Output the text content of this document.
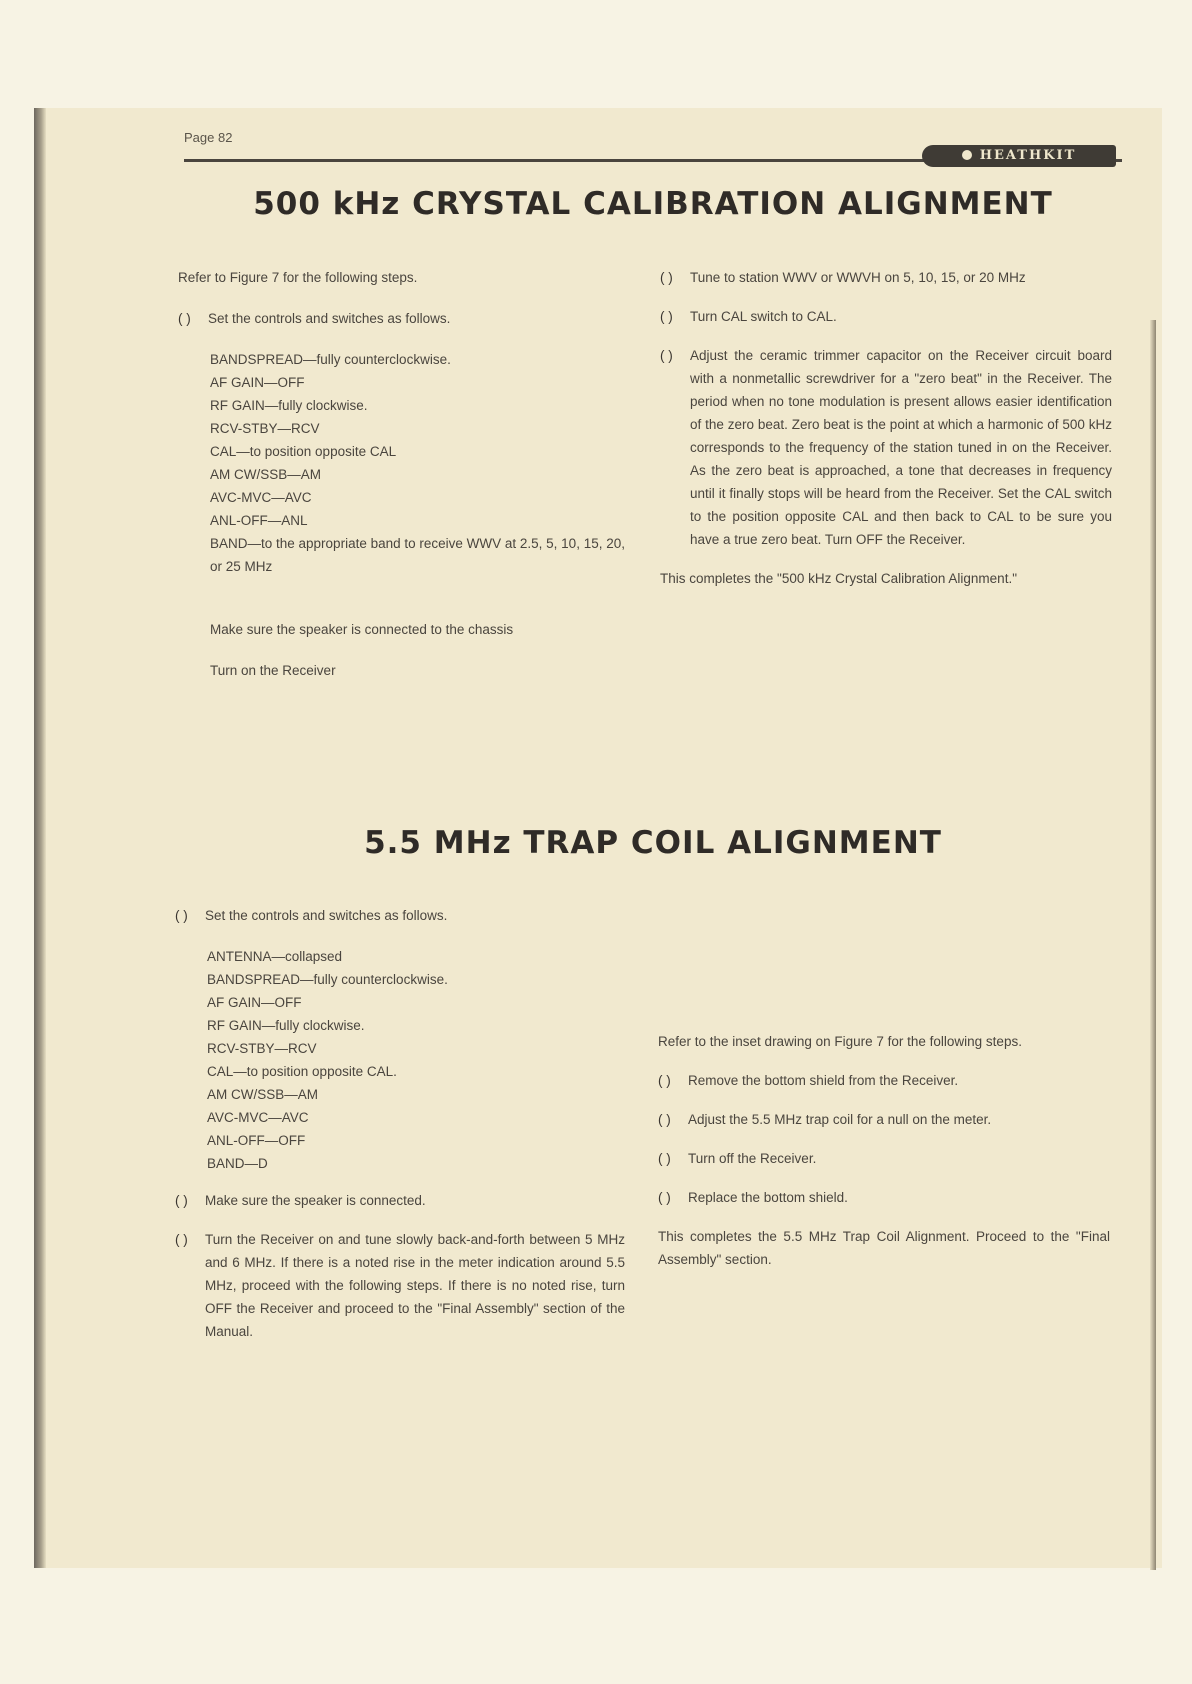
Page 82
HEATHKIT
500 kHz CRYSTAL CALIBRATION ALIGNMENT

Refer to Figure 7 for the following steps.

( )	Set the controls and switches as follows.

BANDSPREAD—fully counterclockwise.

AF GAIN—OFF

RF GAIN—fully clockwise.

RCV-STBY—RCV

CAL—to position opposite CAL

AM CW/SSB—AM

AVC-MVC—AVC

ANL-OFF—ANL

BAND—to the appropriate band to receive WWV at 2.5, 5, 10, 15, 20, or 25 MHz

Make sure the speaker is connected to the chassis

Turn on the Receiver

( )	Tune to station WWV or WWVH on 5, 10, 15, or 20 MHz
( )	Turn CAL switch to CAL.
( )	Adjust the ceramic trimmer capacitor on the Receiver circuit board with a nonmetallic screwdriver for a "zero beat" in the Receiver. The period when no tone modulation is present allows easier identification of the zero beat. Zero beat is the point at which a harmonic of 500 kHz corresponds to the frequency of the station tuned in on the Receiver. As the zero beat is approached, a tone that decreases in frequency until it finally stops will be heard from the Receiver. Set the CAL switch to the position opposite CAL and then back to CAL to be sure you have a true zero beat. Turn OFF the Receiver.

This completes the "500 kHz Crystal Calibration Alignment."

5.5 MHz TRAP COIL ALIGNMENT
( )	Set the controls and switches as follows.

ANTENNA—collapsed

BANDSPREAD—fully counterclockwise.

AF GAIN—OFF

RF GAIN—fully clockwise.

RCV-STBY—RCV

CAL—to position opposite CAL.

AM CW/SSB—AM

AVC-MVC—AVC

ANL-OFF—OFF

BAND—D

( )	Make sure the speaker is connected.
( )	Turn the Receiver on and tune slowly back-and-forth between 5 MHz and 6 MHz. If there is a noted rise in the meter indication around 5.5 MHz, proceed with the following steps. If there is no noted rise, turn OFF the Receiver and proceed to the "Final Assembly" section of the Manual.

Refer to the inset drawing on Figure 7 for the following steps.

( )	Remove the bottom shield from the Receiver.
( )	Adjust the 5.5 MHz trap coil for a null on the meter.
( )	Turn off the Receiver.
( )	Replace the bottom shield.

This completes the 5.5 MHz Trap Coil Alignment. Proceed to the "Final Assembly" section.
